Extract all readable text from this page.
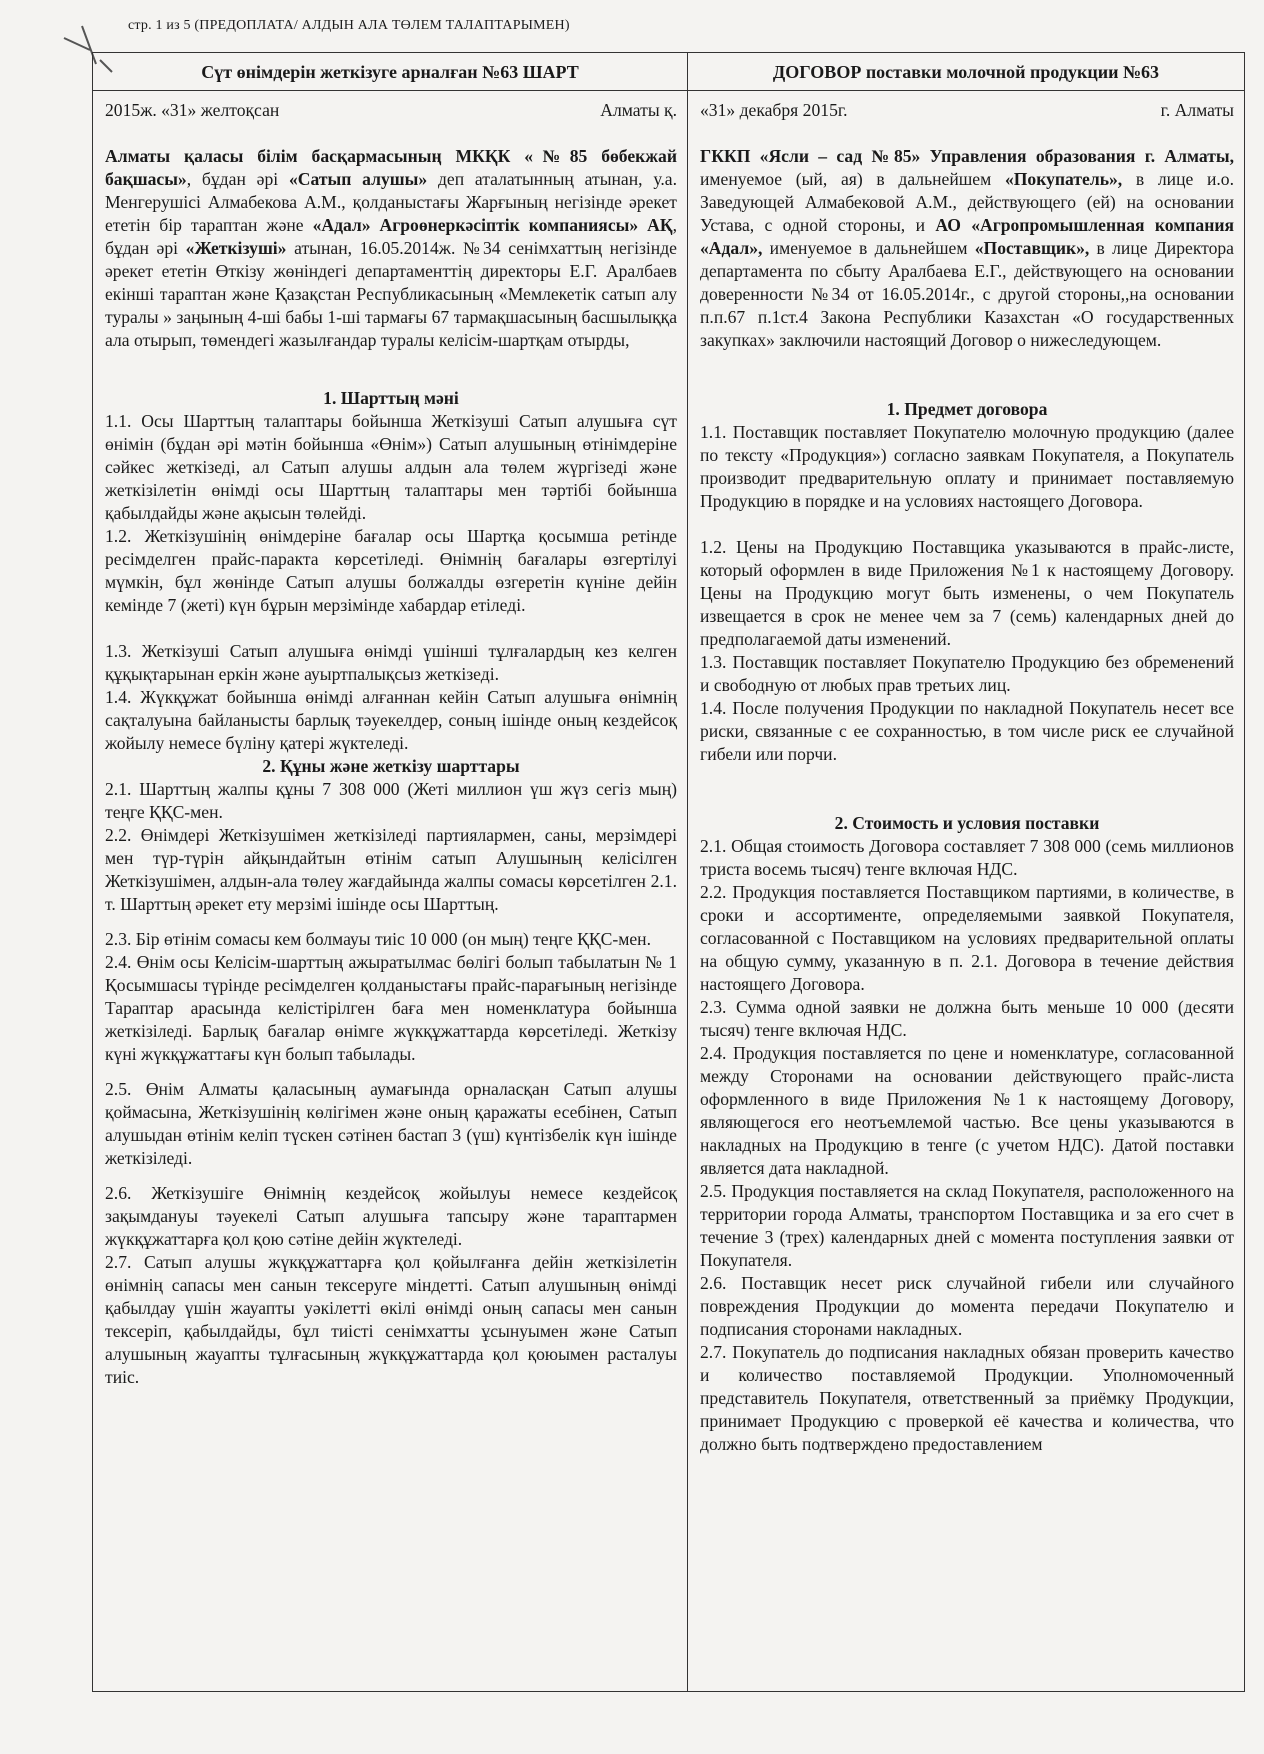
стр. 1 из 5 (ПРЕДОПЛАТА/ АЛДЫН АЛА ТӨЛЕМ ТАЛАПТАРЫМЕН)
Сүт өнімдерін жеткізуге арналған №63 ШАРТ
2015ж. «31» желтоқсан	Алматы қ.

Алматы қаласы білім басқармасының МКҚК «№85 бөбекжай бақшасы», бұдан әрі «Сатып алушы» деп аталатынның атынан, у.а. Менгерушісі Алмабекова А.М., қолданыстағы Жарғының негізінде әрекет ететін бір тараптан және «Адал» Агроөнеркәсіптік компаниясы» АҚ, бұдан әрі «Жеткізуші» атынан, 16.05.2014ж. №34 сенімхаттың негізінде әрекет ететін Өткізу жөніндегі департаменттің директоры Е.Г. Аралбаев екінші тараптан және Қазақстан Республикасының «Мемлекетік сатып алу туралы » заңының 4-ші бабы 1-ші тармағы 67 тармақшасының басшылыққа ала отырып, төмендегі жазылғандар туралы келісім-шартқам отырды,

1. Шарттың мәні

1.1. Осы Шарттың талаптары бойынша Жеткізуші Сатып алушыға сүт өнімін (бұдан әрі мәтін бойынша «Өнім») Сатып алушының өтінімдеріне сәйкес жеткізеді, ал Сатып алушы алдын ала төлем жүргізеді және жеткізілетін өнімді осы Шарттың талаптары мен тәртібі бойынша қабылдайды және ақысын төлейді.

1.2. Жеткізушінің өнімдеріне бағалар осы Шартқа қосымша ретінде ресімделген прайс-паракта көрсетіледі. Өнімнің бағалары өзгертілуі мүмкін, бұл жөнінде Сатып алушы болжалды өзгеретін күніне дейін кемінде 7 (жеті) күн бұрын мерзімінде хабардар етіледі.

1.3. Жеткізуші Сатып алушыға өнімді үшінші тұлғалардың кез келген құқықтарынан еркін және ауыртпалықсыз жеткізеді.

1.4. Жүкқұжат бойынша өнімді алғаннан кейін Сатып алушыға өнімнің сақталуына байланысты барлық тәуекелдер, соның ішінде оның кездейсоқ жойылу немесе бүліну қатері жүктеледі.

2. Құны және жеткізу шарттары

2.1. Шарттың жалпы құны 7 308 000 (Жеті миллион үш жүз сегіз мың) теңге ҚҚС-мен.

2.2. Өнімдері Жеткізушімен жеткізіледі партиялармен, саны, мерзімдері мен түр-түрін айқындайтын өтінім сатып Алушының келісілген Жеткізушімен, алдын-ала төлеу жағдайында жалпы сомасы көрсетілген 2.1. т. Шарттың әрекет ету мерзімі ішінде осы Шарттың.

2.3. Бір өтінім сомасы кем болмауы тиіс 10 000 (он мың) теңге ҚҚС-мен.

2.4. Өнім осы Келісім-шарттың ажыратылмас бөлігі болып табылатын № 1 Қосымшасы түрінде ресімделген қолданыстағы прайс-парағының негізінде Тараптар арасында келістірілген баға мен номенклатура бойынша жеткізіледі. Барлық бағалар өнімге жүкқұжаттарда көрсетіледі. Жеткізу күні жүкқұжаттағы күн болып табылады.

2.5. Өнім Алматы қаласының аумағында орналасқан Сатып алушы қоймасына, Жеткізушінің көлігімен және оның қаражаты есебінен, Сатып алушыдан өтінім келіп түскен сәтінен бастап 3 (үш) күнтізбелік күн ішінде жеткізіледі.

2.6. Жеткізушіге Өнімнің кездейсоқ жойылуы немесе кездейсоқ зақымдануы тәуекелі Сатып алушыға тапсыру және тараптармен жүкқұжаттарға қол қою сәтіне дейін жүктеледі.

2.7. Сатып алушы жүкқұжаттарға қол қойылғанға дейін жеткізілетін өнімнің сапасы мен санын тексеруге міндетті. Сатып алушының өнімді қабылдау үшін жауапты уәкілетті өкілі өнімді оның сапасы мен санын тексеріп, қабылдайды, бұл тиісті сенімхатты ұсынуымен және Сатып алушының жауапты тұлғасының жүкқұжаттарда қол қоюымен расталуы тиіс.

ДОГОВОР поставки молочной продукции №63
«31» декабря 2015г.	г. Алматы

ГККП «Ясли – сад №85» Управления образования г. Алматы, именуемое (ый, ая) в дальнейшем «Покупатель», в лице и.о. Заведующей Алмабековой А.М., действующего (ей) на основании Устава, с одной стороны, и АО «Агропромышленная компания «Адал», именуемое в дальнейшем «Поставщик», в лице Директора департамента по сбыту Аралбаева Е.Г., действующего на основании доверенности №34 от 16.05.2014г., с другой стороны,,на основании п.п.67 п.1ст.4 Закона Республики Казахстан «О государственных закупках» заключили настоящий Договор о нижеследующем.

1. Предмет договора

1.1. Поставщик поставляет Покупателю молочную продукцию (далее по тексту «Продукция») согласно заявкам Покупателя, а Покупатель производит предварительную оплату и принимает поставляемую Продукцию в порядке и на условиях настоящего Договора.

1.2. Цены на Продукцию Поставщика указываются в прайс-листе, который оформлен в виде Приложения №1 к настоящему Договору. Цены на Продукцию могут быть изменены, о чем Покупатель извещается в срок не менее чем за 7 (семь) календарных дней до предполагаемой даты изменений.

1.3. Поставщик поставляет Покупателю Продукцию без обременений и свободную от любых прав третьих лиц.

1.4. После получения Продукции по накладной Покупатель несет все риски, связанные с ее сохранностью, в том числе риск ее случайной гибели или порчи.

2. Стоимость и условия поставки

2.1. Общая стоимость Договора составляет 7 308 000 (семь миллионов триста восемь тысяч) тенге включая НДС.

2.2. Продукция поставляется Поставщиком партиями, в количестве, в сроки и ассортименте, определяемыми заявкой Покупателя, согласованной с Поставщиком на условиях предварительной оплаты на общую сумму, указанную в п. 2.1. Договора в течение действия настоящего Договора.

2.3. Сумма одной заявки не должна быть меньше 10 000 (десяти тысяч) тенге включая НДС.

2.4. Продукция поставляется по цене и номенклатуре, согласованной между Сторонами на основании действующего прайс-листа оформленного в виде Приложения №1 к настоящему Договору, являющегося его неотъемлемой частью. Все цены указываются в накладных на Продукцию в тенге (с учетом НДС). Датой поставки является дата накладной.

2.5. Продукция поставляется на склад Покупателя, расположенного на территории города Алматы, транспортом Поставщика и за его счет в течение 3 (трех) календарных дней с момента поступления заявки от Покупателя.

2.6. Поставщик несет риск случайной гибели или случайного повреждения Продукции до момента передачи Покупателю и подписания сторонами накладных.

2.7. Покупатель до подписания накладных обязан проверить качество и количество поставляемой Продукции. Уполномоченный представитель Покупателя, ответственный за приёмку Продукции, принимает Продукцию с проверкой её качества и количества, что должно быть подтверждено предоставлением
